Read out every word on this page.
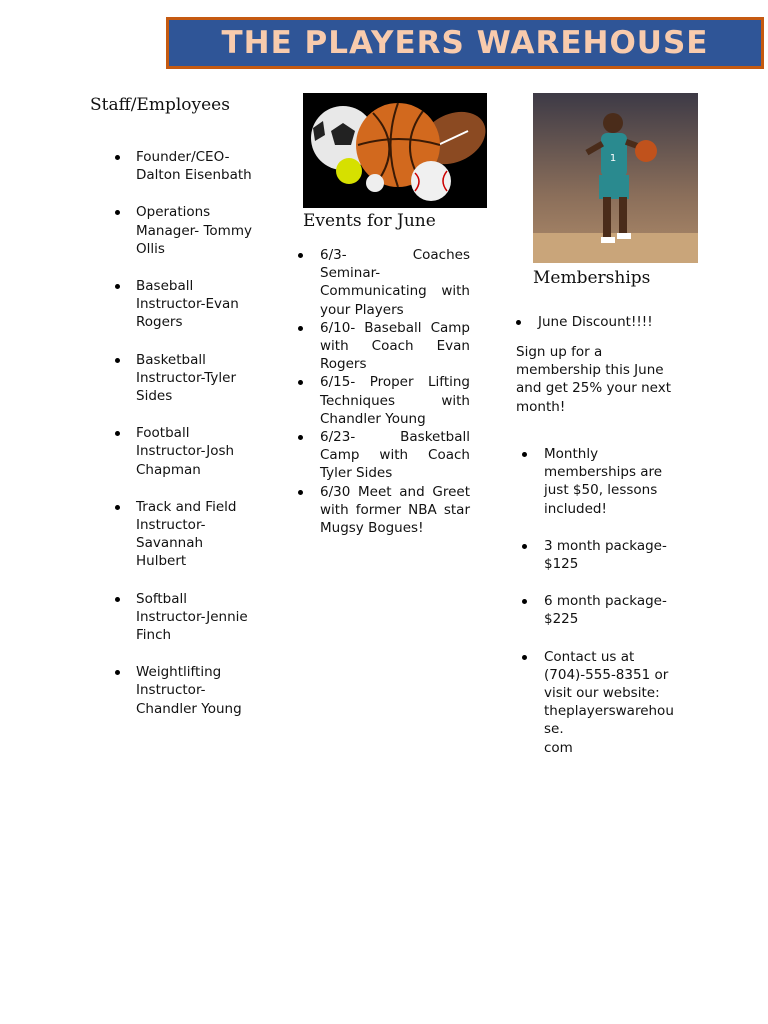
THE PLAYERS WAREHOUSE
Staff/Employees

Founder/CEO-
Dalton Eisenbath

Operations
Manager- Tommy
Ollis

Baseball
Instructor-Evan
Rogers

Basketball
Instructor-Tyler
Sides

Football
Instructor-Josh
Chapman

Track and Field
Instructor-
Savannah
Hulbert

Softball
Instructor-Jennie
Finch

Weightlifting
Instructor-
Chandler Young

Events for June
6/3- Coaches Seminar- Communicating with your Players
6/10- Baseball Camp with Coach Evan Rogers
6/15- Proper Lifting Techniques with Chandler Young
6/23- Basketball Camp with Coach Tyler Sides
6/30 Meet and Greet with former NBA star Mugsy Bogues!
1
Memberships
June Discount!!!!

Sign up for a membership this June and get 25% your next month!

Monthly memberships are just $50, lessons included!

3 month package- $125

6 month package- $225

Contact us at (704)-555-8351 or visit our website: theplayerswarehou
se.
com
